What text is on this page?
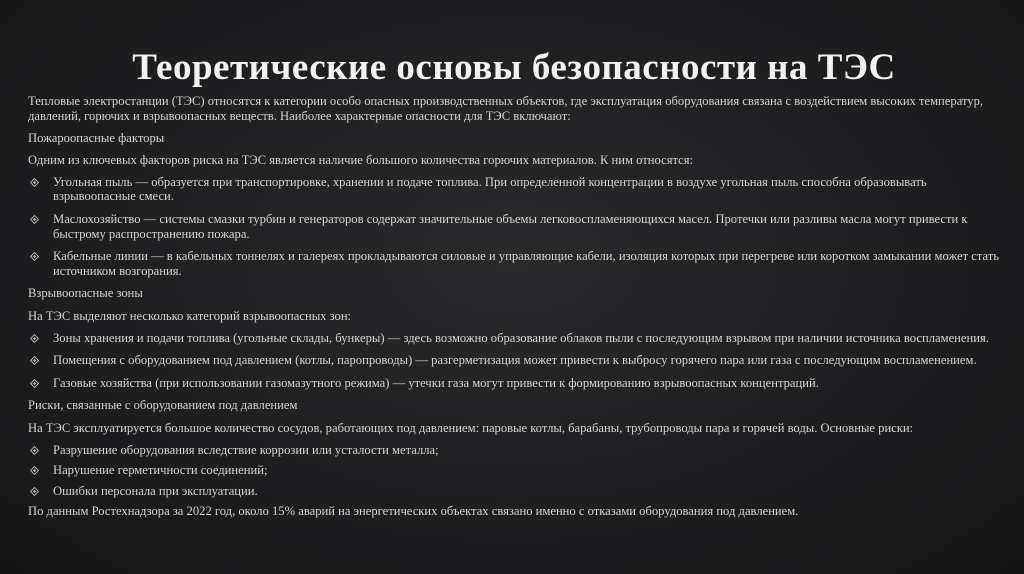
Теоретические основы безопасности на ТЭС

Тепловые электростанции (ТЭС) относятся к категории особо опасных производственных объектов, где эксплуатация оборудования связана с воздействием высоких температур, давлений, горючих и взрывоопасных веществ. Наиболее характерные опасности для ТЭС включают:

Пожароопасные факторы

Одним из ключевых факторов риска на ТЭС является наличие большого количества горючих материалов. К ним относятся:

Угольная пыль — образуется при транспортировке, хранении и подаче топлива. При определенной концентрации в воздухе угольная пыль способна образовывать взрывоопасные смеси.
Маслохозяйство — системы смазки турбин и генераторов содержат значительные объемы легковоспламеняющихся масел. Протечки или разливы масла могут привести к быстрому распространению пожара.
Кабельные линии — в кабельных тоннелях и галереях прокладываются силовые и управляющие кабели, изоляция которых при перегреве или коротком замыкании может стать источником возгорания.

Взрывоопасные зоны

На ТЭС выделяют несколько категорий взрывоопасных зон:

Зоны хранения и подачи топлива (угольные склады, бункеры) — здесь возможно образование облаков пыли с последующим взрывом при наличии источника воспламенения.
Помещения с оборудованием под давлением (котлы, паропроводы) — разгерметизация может привести к выбросу горячего пара или газа с последующим воспламенением.
Газовые хозяйства (при использовании газомазутного режима) — утечки газа могут привести к формированию взрывоопасных концентраций.

Риски, связанные с оборудованием под давлением

На ТЭС эксплуатируется большое количество сосудов, работающих под давлением: паровые котлы, барабаны, трубопроводы пара и горячей воды. Основные риски:

Разрушение оборудования вследствие коррозии или усталости металла;
Нарушение герметичности соединений;
Ошибки персонала при эксплуатации.

По данным Ростехнадзора за 2022 год, около 15% аварий на энергетических объектах связано именно с отказами оборудования под давлением.
